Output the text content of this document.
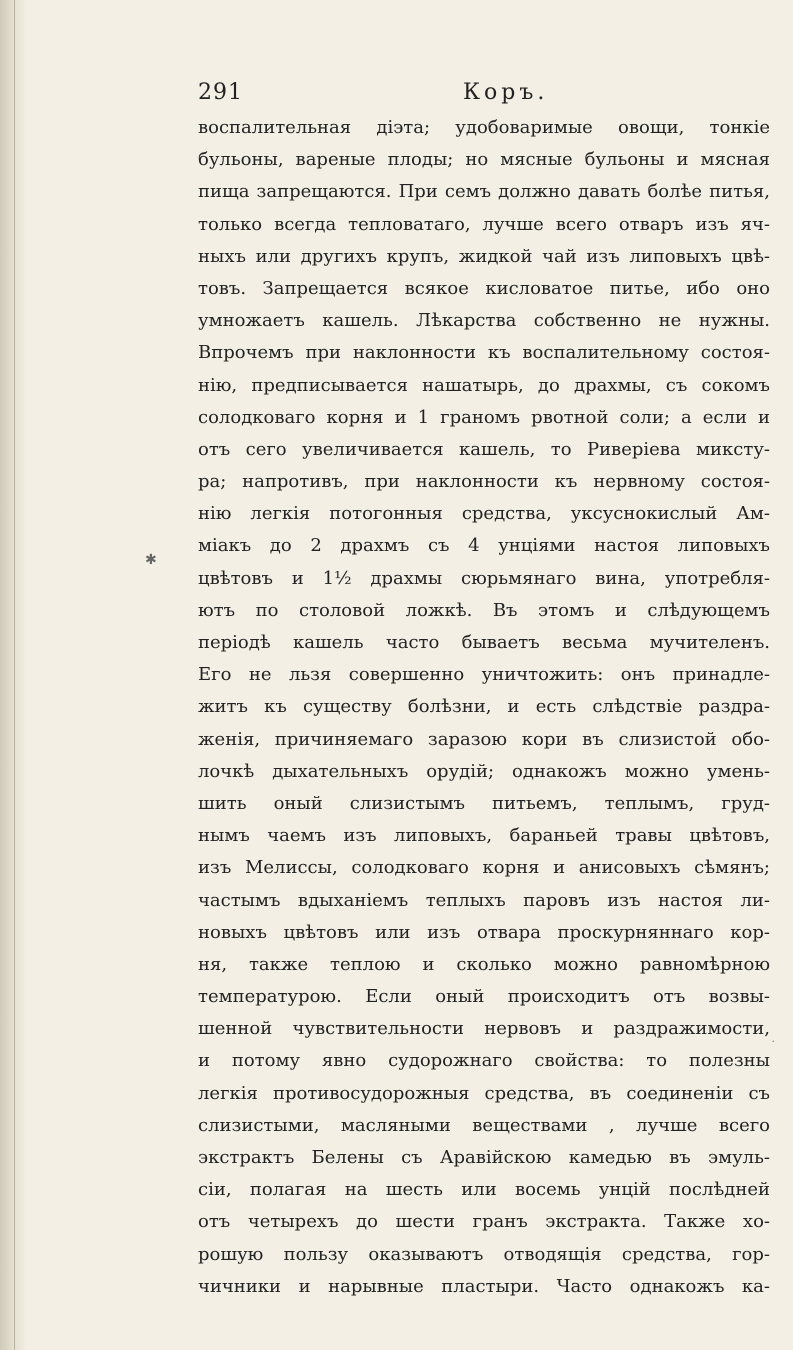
291	Коръ.
воспалительная діэта; удобоваримые овощи, тонкіе
бульоны, вареные плоды; но мясные бульоны и мясная
пища запрещаются. При семъ должно давать болѣе питья,
только всегда тепловатаго, лучше всего отваръ изъ яч-
ныхъ или другихъ крупъ, жидкой чай изъ липовыхъ цвѣ-
товъ. Запрещается всякое кисловатое питье, ибо оно
умножаетъ кашель. Лѣкарства собственно не нужны.
Впрочемъ при наклонности къ воспалительному состоя-
нію, предписывается нашатырь, до драхмы, съ сокомъ
солодковаго корня и 1 граномъ рвотной соли; а если и
отъ сего увеличивается кашель, то Риверіева миксту-
ра; напротивъ, при наклонности къ нервному состоя-
нію легкія потогонныя средства, уксуснокислый Ам-
міакъ до 2 драхмъ съ 4 унціями настоя липовыхъ
цвѣтовъ и 1½ драхмы сюрьмянаго вина, употребля-
ютъ по столовой ложкѣ. Въ этомъ и слѣдующемъ
періодѣ кашель часто бываетъ весьма мучителенъ.
Его не льзя совершенно уничтожить: онъ принадле-
житъ къ существу болѣзни, и есть слѣдствіе раздра-
женія, причиняемаго заразою кори въ слизистой обо-
лочкѣ дыхательныхъ орудій; однакожъ можно умень-
шить оный слизистымъ питьемъ, теплымъ, груд-
нымъ чаемъ изъ липовыхъ, бараньей травы цвѣтовъ,
изъ Мелиссы, солодковаго корня и анисовыхъ сѣмянъ;
частымъ вдыханіемъ теплыхъ паровъ изъ настоя ли-
новыхъ цвѣтовъ или изъ отвара проскурняннаго кор-
ня, также теплою и сколько можно равномѣрною
температурою. Если оный происходитъ отъ возвы-
шенной чувствительности нервовъ и раздражимости,
и потому явно судорожнаго свойства: то полезны
легкія противосудорожныя средства, въ соединеніи съ
слизистыми, масляными веществами , лучше всего
экстрактъ Белены съ Аравійскою камедью въ эмуль-
сіи, полагая на шесть или восемь унцій послѣдней
отъ четырехъ до шести гранъ экстракта. Также хо-
рошую пользу оказываютъ отводящія средства, гор-
чичники и нарывные пластыри. Часто однакожъ ка-
✱
·
